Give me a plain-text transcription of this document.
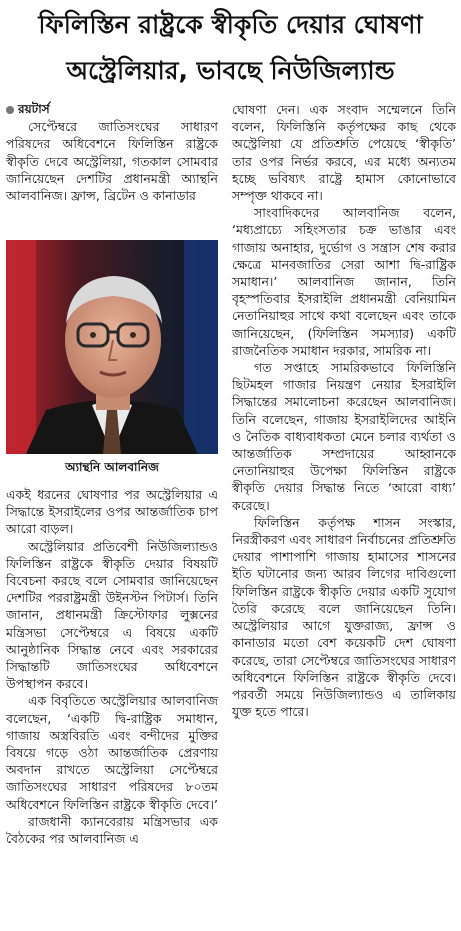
ফিলিস্তিন রাষ্ট্রকে স্বীকৃতি দেয়ার ঘোষণা
অস্ট্রেলিয়ার, ভাবছে নিউজিল্যান্ড
রয়টার্স

সেপ্টেম্বরে জাতিসংঘের সাধারণ পরিষদের অধিবেশনে ফিলিস্তিন রাষ্ট্রকে স্বীকৃতি দেবে অস্ট্রেলিয়া, গতকাল সোমবার জানিয়েছেন দেশটির প্রধানমন্ত্রী অ্যান্থনি আলবানিজ। ফ্রান্স, ব্রিটেন ও কানাডার

অ্যান্থনি আলবানিজ

একই ধরনের ঘোষণার পর অস্ট্রেলিয়ার এ সিদ্ধান্তে ইসরাইলের ওপর আন্তর্জাতিক চাপ আরো বাড়ল।

অস্ট্রেলিয়ার প্রতিবেশী নিউজিল্যান্ডও ফিলিস্তিন রাষ্ট্রকে স্বীকৃতি দেয়ার বিষয়টি বিবেচনা করছে বলে সোমবার জানিয়েছেন দেশটির পররাষ্ট্রমন্ত্রী উইনস্টন পিটার্স। তিনি জানান, প্রধানমন্ত্রী ক্রিস্টোফার লুক্সনের মন্ত্রিসভা সেপ্টেম্বরে এ বিষয়ে একটি আনুষ্ঠানিক সিদ্ধান্ত নেবে এবং সরকারের সিদ্ধান্তটি জাতিসংঘের অধিবেশনে উপস্থাপন করবে।

এক বিবৃতিতে অস্ট্রেলিয়ার আলবানিজ বলেছেন, ‘একটি দ্বি-রাষ্ট্রিক সমাধান, গাজায় অস্ত্রবিরতি এবং বন্দীদের মুক্তির বিষয়ে গড়ে ওঠা আন্তর্জাতিক প্রেরণায় অবদান রাখতে অস্ট্রেলিয়া সেপ্টেম্বরে জাতিসংঘের সাধারণ পরিষদের ৮০তম অধিবেশনে ফিলিস্তিন রাষ্ট্রকে স্বীকৃতি দেবে।’

রাজধানী ক্যানবেরায় মন্ত্রিসভার এক বৈঠকের পর আলবানিজ এ

ঘোষণা দেন। এক সংবাদ সম্মেলনে তিনি বলেন, ফিলিস্তিনি কর্তৃপক্ষের কাছ থেকে অস্ট্রেলিয়া যে প্রতিশ্রুতি পেয়েছে ‘স্বীকৃতি’ তার ওপর নির্ভর করবে, এর মধ্যে অন্যতম হচ্ছে ভবিষ্যৎ রাষ্ট্রে হামাস কোনোভাবে সম্পৃক্ত থাকবে না।

সাংবাদিকদের আলবানিজ বলেন, ‘মধ্যপ্রাচ্যে সহিংসতার চক্র ভাঙার এবং গাজায় অনাহার, দুর্ভোগ ও সন্ত্রাস শেষ করার ক্ষেত্রে মানবজাতির সেরা আশা দ্বি-রাষ্ট্রিক সমাধান।’ আলবানিজ জানান, তিনি বৃহস্পতিবার ইসরাইলি প্রধানমন্ত্রী বেনিয়ামিন নেতানিয়াহুর সাথে কথা বলেছেন এবং তাকে জানিয়েছেন, (ফিলিস্তিন সমস্যার) একটি রাজনৈতিক সমাধান দরকার, সামরিক না।

গত সপ্তাহে সামরিকভাবে ফিলিস্তিনি ছিটমহল গাজার নিয়ন্ত্রণ নেয়ার ইসরাইলি সিদ্ধান্তের সমালোচনা করেছেন আলবানিজ। তিনি বলেছেন, গাজায় ইসরাইলিদের আইনি ও নৈতিক বাধ্যবাধকতা মেনে চলার ব্যর্থতা ও আন্তর্জাতিক সম্প্রদায়ের আহ্বানকে নেতানিয়াহুর উপেক্ষা ফিলিস্তিন রাষ্ট্রকে স্বীকৃতি দেয়ার সিদ্ধান্ত নিতে ‘আরো বাধ্য’ করেছে।

ফিলিস্তিন কর্তৃপক্ষ শাসন সংস্কার, নিরস্ত্রীকরণ এবং সাধারণ নির্বাচনের প্রতিশ্রুতি দেয়ার পাশাপাশি গাজায় হামাসের শাসনের ইতি ঘটানোর জন্য আরব লিগের দাবিগুলো ফিলিস্তিন রাষ্ট্রকে স্বীকৃতি দেয়ার একটি সুযোগ তৈরি করেছে বলে জানিয়েছেন তিনি। অস্ট্রেলিয়ার আগে যুক্তরাজ্য, ফ্রান্স ও কানাডার মতো বেশ কয়েকটি দেশ ঘোষণা করেছে, তারা সেপ্টেম্বরে জাতিসংঘের সাধারণ অধিবেশনে ফিলিস্তিন রাষ্ট্রকে স্বীকৃতি দেবে। পরবর্তী সময়ে নিউজিল্যান্ডও এ তালিকায় যুক্ত হতে পারে।
